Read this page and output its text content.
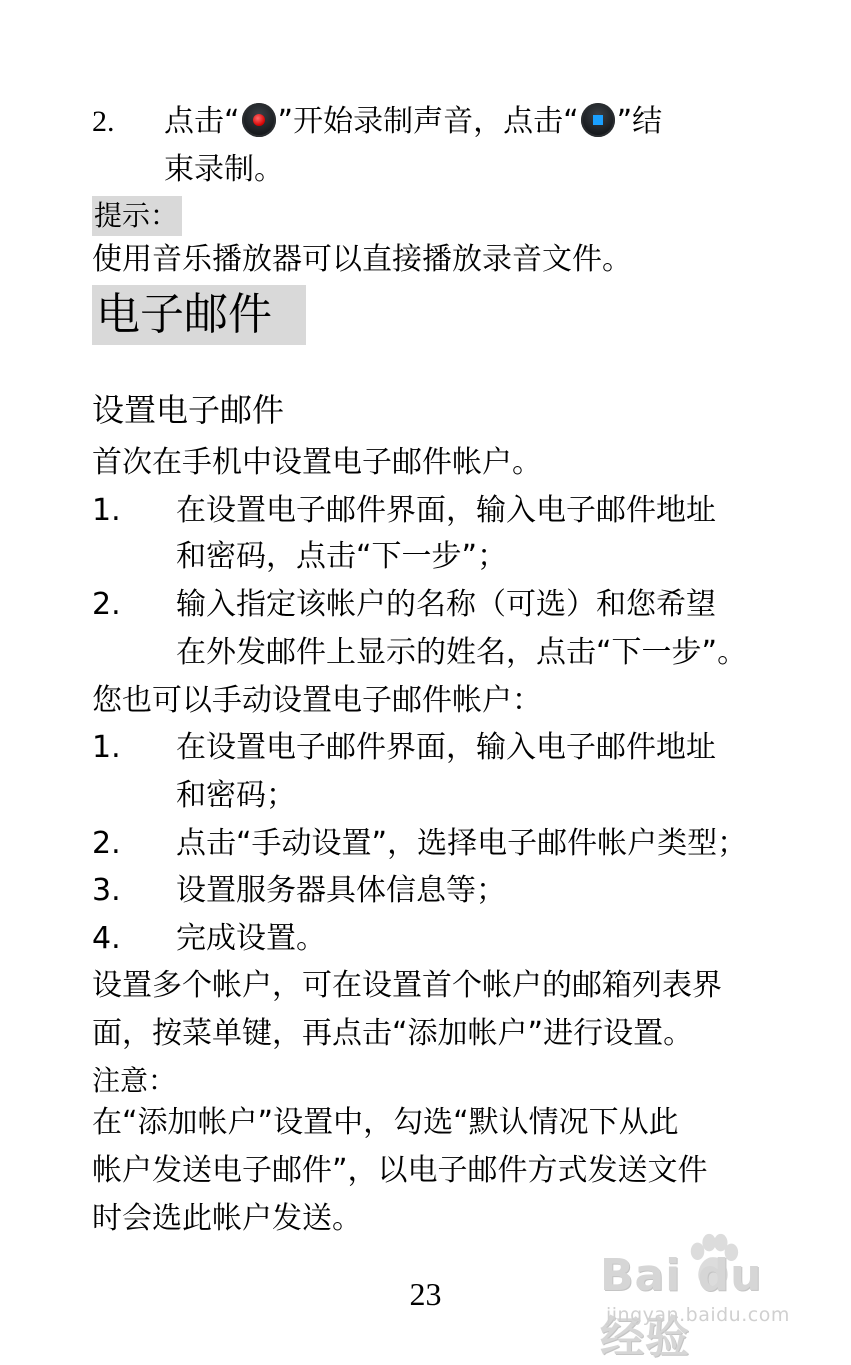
2. 点击“ ”开始录制声音，点击“ ”结
束录制。
提示：
使用音乐播放器可以直接播放录音文件。
电子邮件
设置电子邮件
首次在手机中设置电子邮件帐户。
1. 在设置电子邮件界面，输入电子邮件地址
和密码，点击“下一步”；
2. 输入指定该帐户的名称（可选）和您希望
在外发邮件上显示的姓名，点击“下一步”。
您也可以手动设置电子邮件帐户：
1. 在设置电子邮件界面，输入电子邮件地址
和密码；
2. 点击“手动设置”，选择电子邮件帐户类型；
3. 设置服务器具体信息等；
4. 完成设置。
设置多个帐户，可在设置首个帐户的邮箱列表界
面，按菜单键，再点击“添加帐户”进行设置。
注意：
在“添加帐户”设置中，勾选“默认情况下从此
帐户发送电子邮件”，以电子邮件方式发送文件
时会选此帐户发送。
23	Bai du 经验
jingyan.baidu.com
